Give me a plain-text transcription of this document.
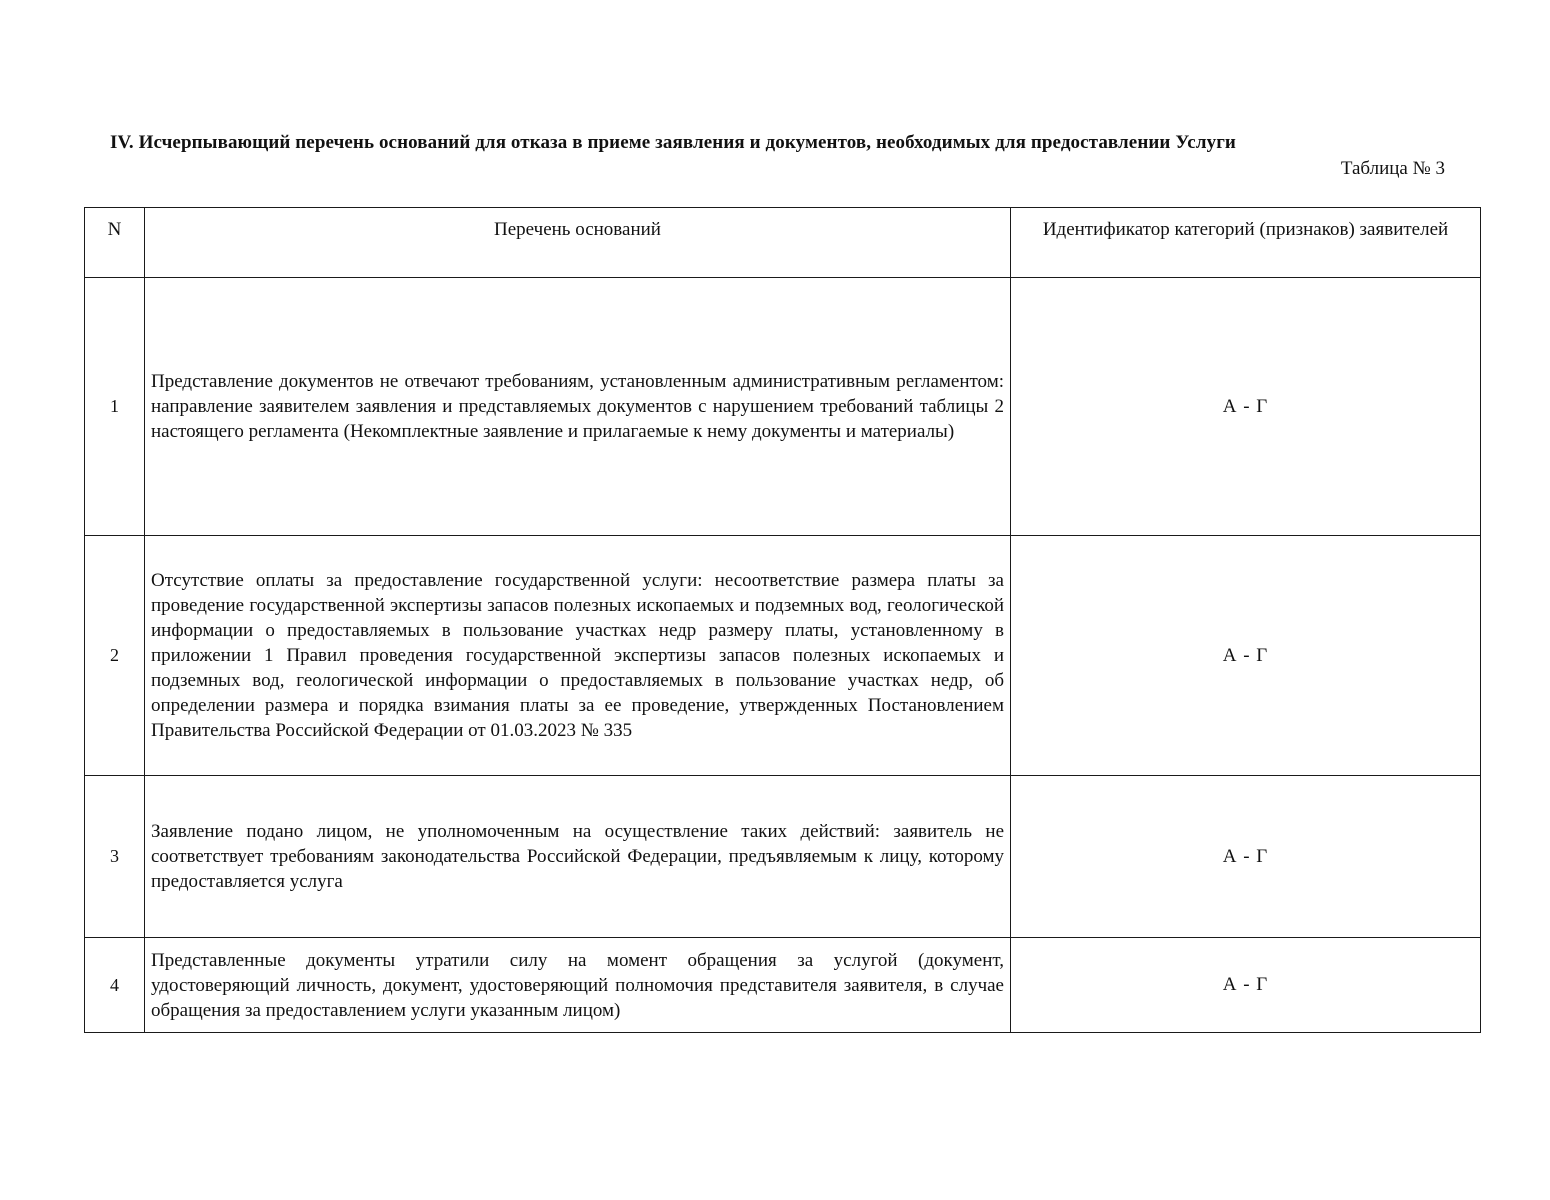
IV. Исчерпывающий перечень оснований для отказа в приеме заявления и документов, необходимых для предоставлении Услуги
Таблица № 3
N	Перечень оснований	Идентификатор категорий (признаков) заявителей
1	Представление документов не отвечают требованиям, установленным административным регламентом: направление заявителем заявления и представляемых документов с нарушением требований таблицы 2 настоящего регламента (Некомплектные заявление и прилагаемые к нему документы и материалы)	А - Г
2	Отсутствие оплаты за предоставление государственной услуги: несоответствие размера платы за проведение государственной экспертизы запасов полезных ископаемых и подземных вод, геологической информации о предоставляемых в пользование участках недр размеру платы, установленному в приложении 1 Правил проведения государственной экспертизы запасов полезных ископаемых и подземных вод, геологической информации о предоставляемых в пользование участках недр, об определении размера и порядка взимания платы за ее проведение, утвержденных Постановлением Правительства Российской Федерации от 01.03.2023 № 335	А - Г
3	Заявление подано лицом, не уполномоченным на осуществление таких действий: заявитель не соответствует требованиям законодательства Российской Федерации, предъявляемым к лицу, которому предоставляется услуга	А - Г
4	Представленные документы утратили силу на момент обращения за услугой (документ, удостоверяющий личность, документ, удостоверяющий полномочия представителя заявителя, в случае обращения за предоставлением услуги указанным лицом)	А - Г
